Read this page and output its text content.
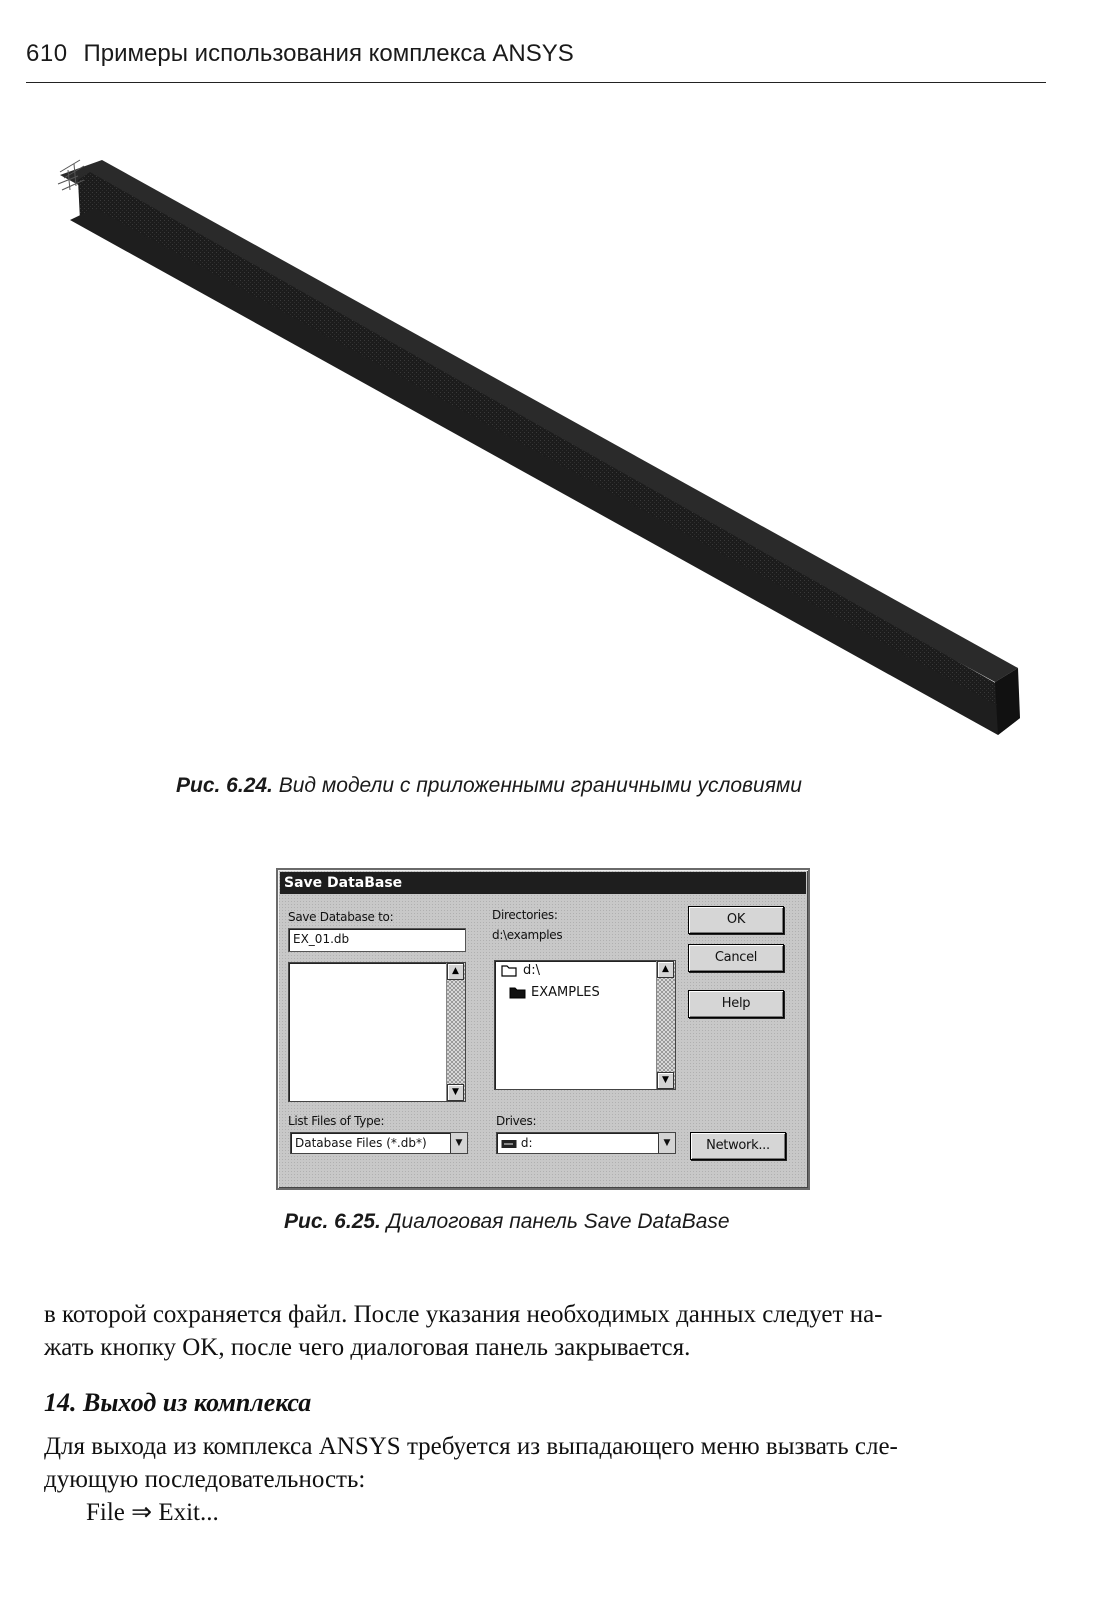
610 Примеры использования комплекса ANSYS
Рис. 6.24. Вид модели с приложенными граничными условиями
Save DataBase
Save Database to:
EX_01.db
▲
▼
List Files of Type:
Database Files (*.db*)	▼
Directories:
d:\examples
d:\
EXAMPLES
▲
▼
Drives:
d:	▼
OK
Cancel
Help
Network...
Рис. 6.25. Диалоговая панель Save DataBase
в которой сохраняется файл. После указания необходимых данных следует на-
жать кнопку OK, после чего диалоговая панель закрывается.
14. Выход из комплекса
Для выхода из комплекса ANSYS требуется из выпадающего меню вызвать сле-
дующую последовательность:
File ⇒ Exit...
